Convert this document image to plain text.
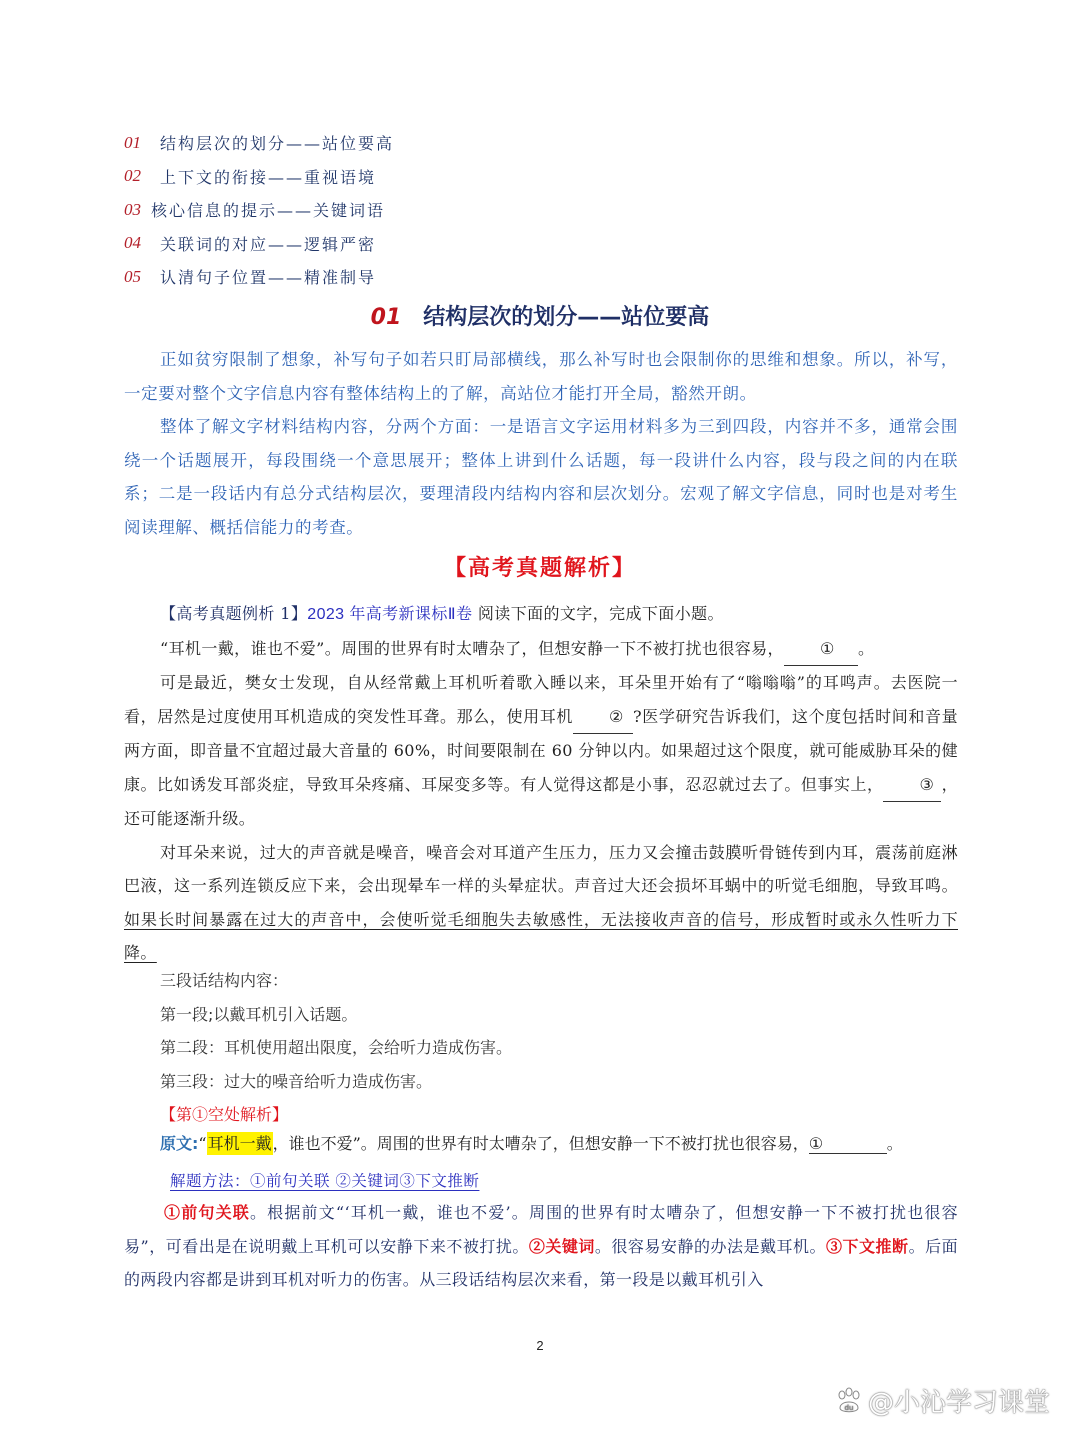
01	结构层次的划分——站位要高
02	上下文的衔接——重视语境
03 核心信息的提示——关键词语
04	关联词的对应——逻辑严密
05	认清句子位置——精准制导
01 结构层次的划分——站位要高

正如贫穷限制了想象，补写句子如若只盯局部横线，那么补写时也会限制你的思维和想象。所以，补写，一定要对整个文字信息内容有整体结构上的了解，高站位才能打开全局，豁然开朗。

整体了解文字材料结构内容，分两个方面：一是语言文字运用材料多为三到四段，内容并不多，通常会围绕一个话题展开，每段围绕一个意思展开；整体上讲到什么话题，每一段讲什么内容，段与段之间的内在联系；二是一段话内有总分式结构层次，要理清段内结构内容和层次划分。宏观了解文字信息，同时也是对考生阅读理解、概括信能力的考查。

【高考真题解析】

【高考真题例析 1】2023 年高考新课标Ⅱ卷 阅读下面的文字，完成下面小题。

“耳机一戴，谁也不爱”。周围的世界有时太嘈杂了，但想安静一下不被打扰也很容易， ① 。

可是最近，樊女士发现，自从经常戴上耳机听着歌入睡以来，耳朵里开始有了“嗡嗡嗡”的耳鸣声。去医院一看，居然是过度使用耳机造成的突发性耳聋。那么，使用耳机 ② ?医学研究告诉我们，这个度包括时间和音量两方面，即音量不宜超过最大音量的 60%，时间要限制在 60 分钟以内。如果超过这个限度，就可能威胁耳朵的健康。比如诱发耳部炎症，导致耳朵疼痛、耳屎变多等。有人觉得这都是小事，忍忍就过去了。但事实上， ③ ，还可能逐渐升级。

对耳朵来说，过大的声音就是噪音，噪音会对耳道产生压力，压力又会撞击鼓膜听骨链传到内耳，震荡前庭淋巴液，这一系列连锁反应下来，会出现晕车一样的头晕症状。声音过大还会损坏耳蜗中的听觉毛细胞，导致耳鸣。如果长时间暴露在过大的声音中，会使听觉毛细胞失去敏感性，无法接收声音的信号，形成暂时或永久性听力下降。

三段话结构内容：

第一段;以戴耳机引入话题。

第二段：耳机使用超出限度，会给听力造成伤害。

第三段：过大的噪音给听力造成伤害。

【第①空处解析】

原文:“耳机一戴，谁也不爱”。周围的世界有时太嘈杂了，但想安静一下不被打扰也很容易，①	。
解题方法：①前句关联 ②关键词③下文推断

①前句关联。根据前文“‘耳机一戴，谁也不爱’。周围的世界有时太嘈杂了，但想安静一下不被打扰也很容易”，可看出是在说明戴上耳机可以安静下来不被打扰。②关键词。很容易安静的办法是戴耳机。③下文推断。后面的两段内容都是讲到耳机对听力的伤害。从三段话结构层次来看，第一段是以戴耳机引入

2
du @小沁学习课堂
